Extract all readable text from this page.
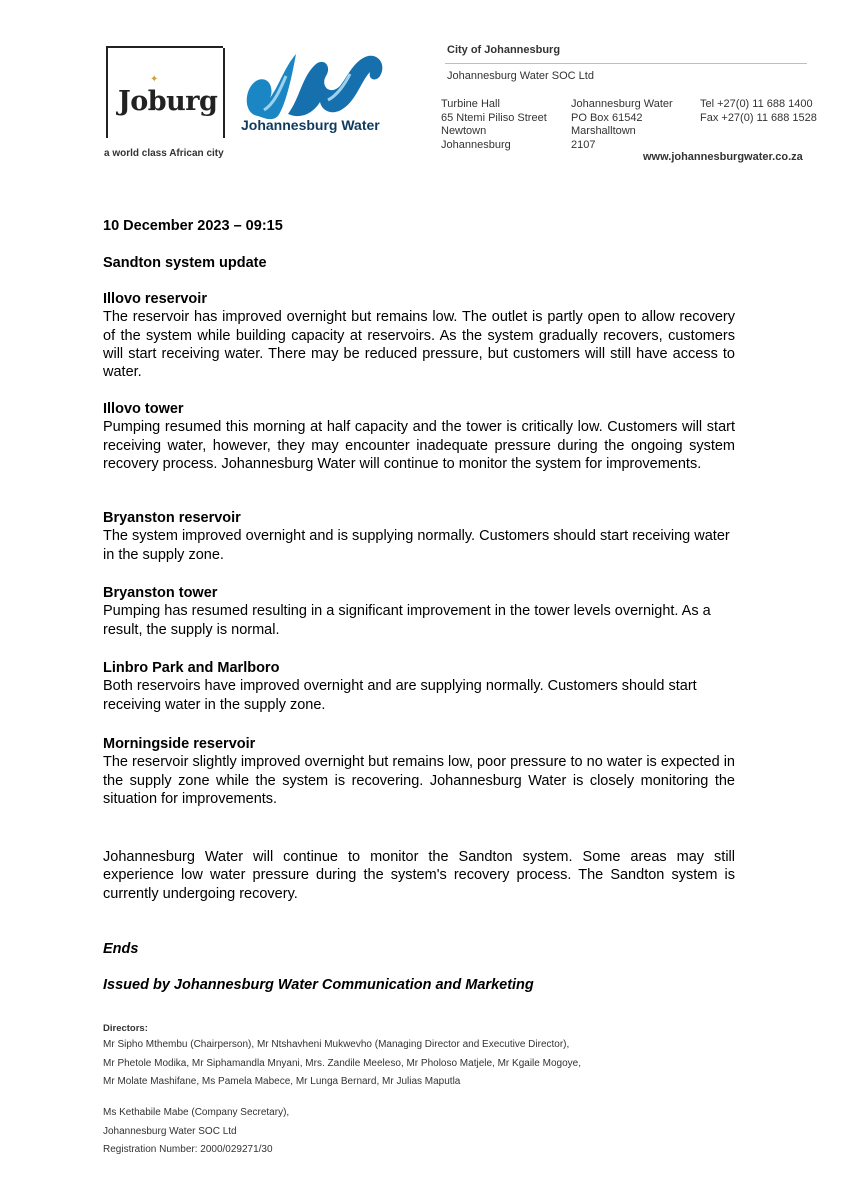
✦
Joburg
a world class African city
Johannesburg Water
City of Johannesburg
Johannesburg Water SOC Ltd
Turbine Hall
65 Ntemi Piliso Street
Newtown
Johannesburg
Johannesburg Water
PO Box 61542
Marshalltown
2107
Tel +27(0) 11 688 1400
Fax +27(0) 11 688 1528
www.johannesburgwater.co.za
10 December 2023 – 09:15
Sandton system update
Illovo reservoir
The reservoir has improved overnight but remains low. The outlet is partly open to allow recovery of the system while building capacity at reservoirs. As the system gradually recovers, customers will start receiving water. There may be reduced pressure, but customers will still have access to water.
Illovo tower
Pumping resumed this morning at half capacity and the tower is critically low. Customers will start receiving water, however, they may encounter inadequate pressure during the ongoing system recovery process. Johannesburg Water will continue to monitor the system for improvements.
Bryanston reservoir
The system improved overnight and is supplying normally. Customers should start receiving water in the supply zone.
Bryanston tower
Pumping has resumed resulting in a significant improvement in the tower levels overnight. As a result, the supply is normal.
Linbro Park and Marlboro
Both reservoirs have improved overnight and are supplying normally. Customers should start receiving water in the supply zone.
Morningside reservoir
The reservoir slightly improved overnight but remains low, poor pressure to no water is expected in the supply zone while the system is recovering. Johannesburg Water is closely monitoring the situation for improvements.
Johannesburg Water will continue to monitor the Sandton system. Some areas may still experience low water pressure during the system's recovery process. The Sandton system is currently undergoing recovery.
Ends
Issued by Johannesburg Water Communication and Marketing
Directors:
Mr Sipho Mthembu (Chairperson), Mr Ntshavheni Mukwevho (Managing Director and Executive Director),
Mr Phetole Modika, Mr Siphamandla Mnyani, Mrs. Zandile Meeleso, Mr Pholoso Matjele, Mr Kgaile Mogoye,
Mr Molate Mashifane, Ms Pamela Mabece, Mr Lunga Bernard, Mr Julias Maputla
Ms Kethabile Mabe (Company Secretary),
Johannesburg Water SOC Ltd
Registration Number: 2000/029271/30
